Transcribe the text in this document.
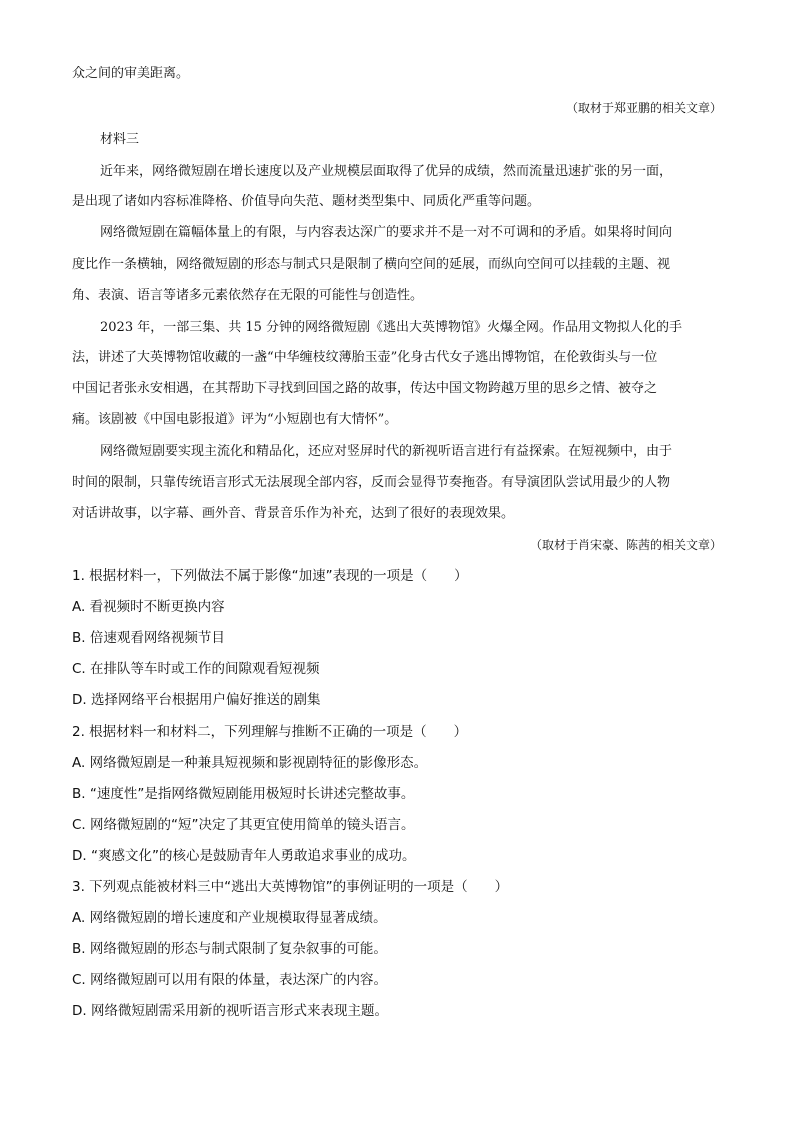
众之间的审美距离。
（取材于郑亚鹏的相关文章）
材料三
近年来，网络微短剧在增长速度以及产业规模层面取得了优异的成绩，然而流量迅速扩张的另一面，
是出现了诸如内容标准降格、价值导向失范、题材类型集中、同质化严重等问题。
网络微短剧在篇幅体量上的有限，与内容表达深广的要求并不是一对不可调和的矛盾。如果将时间向
度比作一条横轴，网络微短剧的形态与制式只是限制了横向空间的延展，而纵向空间可以挂载的主题、视
角、表演、语言等诸多元素依然存在无限的可能性与创造性。
2023 年，一部三集、共 15 分钟的网络微短剧《逃出大英博物馆》火爆全网。作品用文物拟人化的手
法，讲述了大英博物馆收藏的一盏“中华缠枝纹薄胎玉壶”化身古代女子逃出博物馆，在伦敦街头与一位
中国记者张永安相遇，在其帮助下寻找到回国之路的故事，传达中国文物跨越万里的思乡之情、被夺之
痛。该剧被《中国电影报道》评为“小短剧也有大情怀”。
网络微短剧要实现主流化和精品化，还应对竖屏时代的新视听语言进行有益探索。在短视频中，由于
时间的限制，只靠传统语言形式无法展现全部内容，反而会显得节奏拖沓。有导演团队尝试用最少的人物
对话讲故事，以字幕、画外音、背景音乐作为补充，达到了很好的表现效果。
（取材于肖宋豪、陈茜的相关文章）
1. 根据材料一，下列做法不属于影像“加速”表现的一项是（　　）
A. 看视频时不断更换内容
B. 倍速观看网络视频节目
C. 在排队等车时或工作的间隙观看短视频
D. 选择网络平台根据用户偏好推送的剧集
2. 根据材料一和材料二，下列理解与推断不正确的一项是（　　）
A. 网络微短剧是一种兼具短视频和影视剧特征的影像形态。
B. “速度性”是指网络微短剧能用极短时长讲述完整故事。
C. 网络微短剧的“短”决定了其更宜使用简单的镜头语言。
D. “爽感文化”的核心是鼓励青年人勇敢追求事业的成功。
3. 下列观点能被材料三中“逃出大英博物馆”的事例证明的一项是（　　）
A. 网络微短剧的增长速度和产业规模取得显著成绩。
B. 网络微短剧的形态与制式限制了复杂叙事的可能。
C. 网络微短剧可以用有限的体量，表达深广的内容。
D. 网络微短剧需采用新的视听语言形式来表现主题。
